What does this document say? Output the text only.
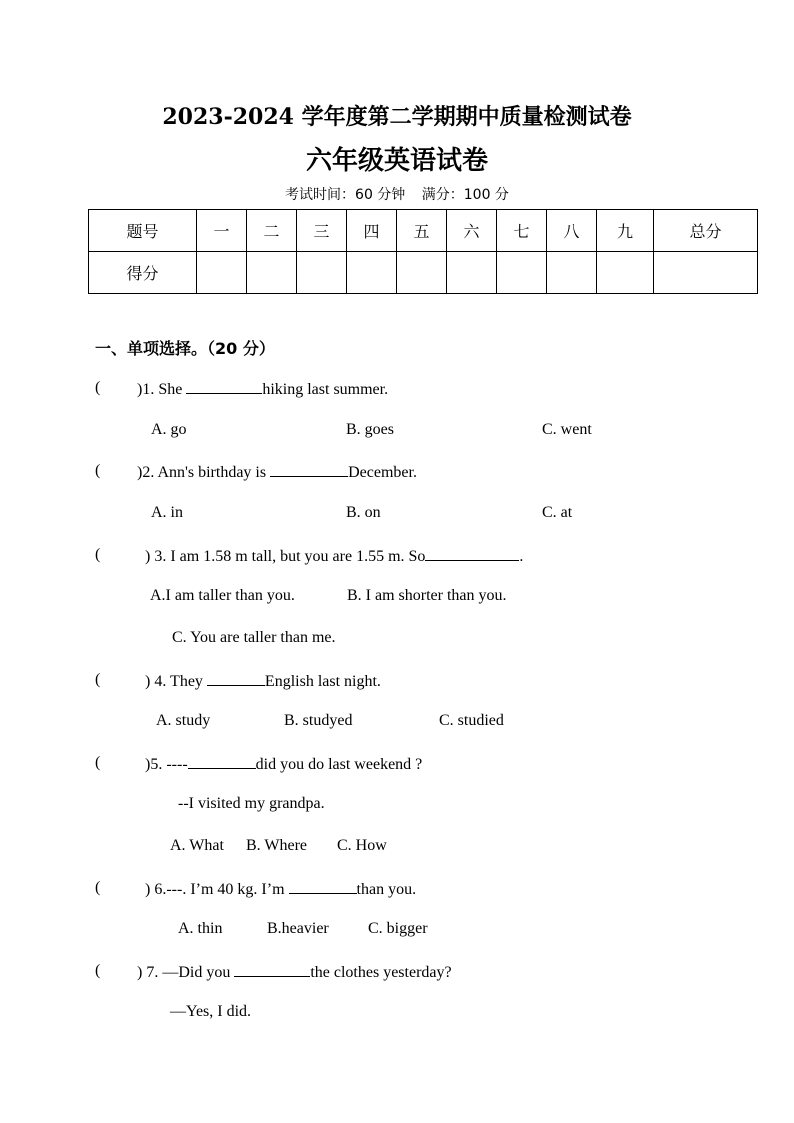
2023-2024 学年度第二学期期中质量检测试卷
六年级英语试卷
考试时间：60 分钟 满分：100 分
题号	一	二	三	四	五	六	七	八	九	总分
得分										
一、单项选择。（20 分）
( )1. She	hiking last summer.
A. go	B. goes	C. went
( )2. Ann's birthday is	December.
A. in	B. on	C. at
(	) 3. I am 1.58 m tall, but you are 1.55 m. So	.
A.I am taller than you.	B. I am shorter than you.
C. You are taller than me.
(	) 4. They	English last night.
A. study	B. studyed	C. studied
(	)5. ----	did you do last weekend ?
--I visited my grandpa.
A. What B. Where C. How
(	) 6.---. I’m 40 kg. I’m	than you.
A. thin	B.heavier C. bigger
( ) 7. —Did you	the clothes yesterday?
—Yes, I did.
